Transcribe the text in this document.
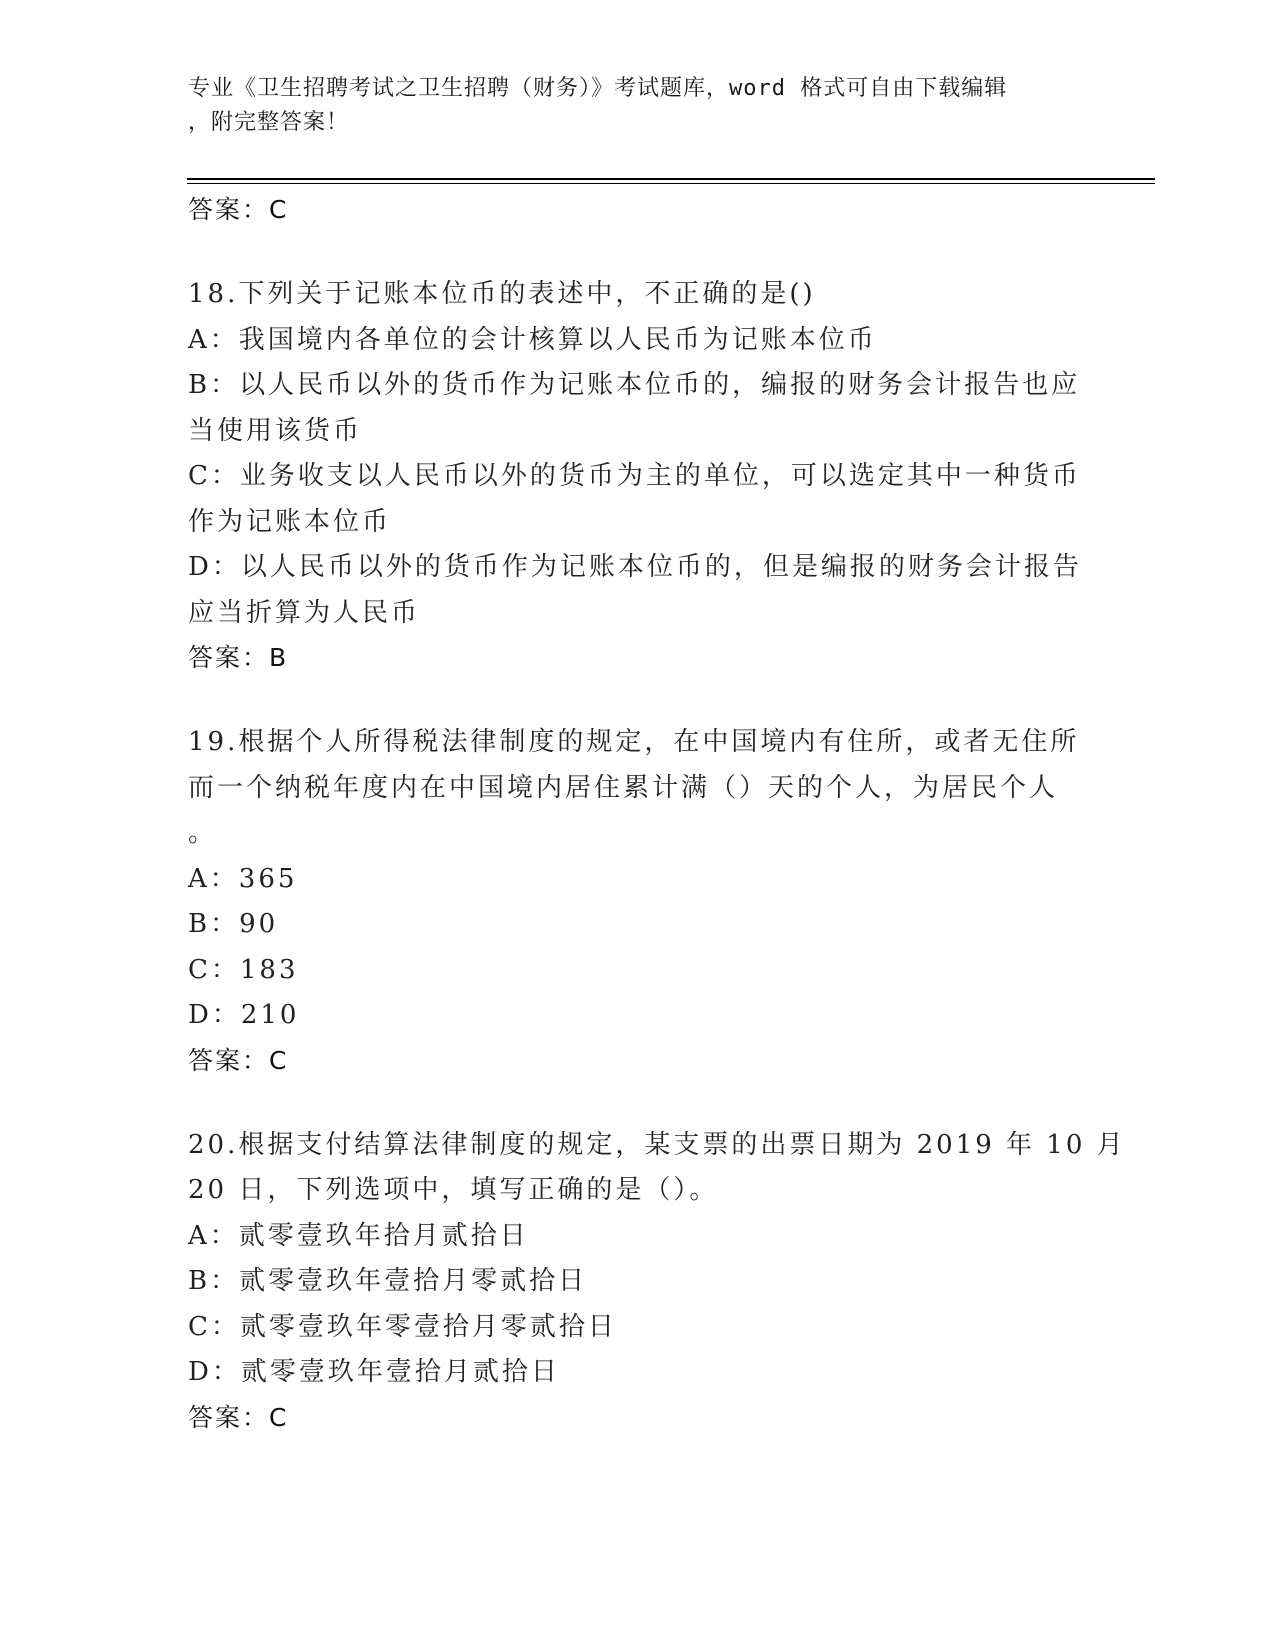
专业《卫生招聘考试之卫生招聘（财务）》考试题库，word 格式可自由下载编辑
，附完整答案！
答案：C
18.下列关于记账本位币的表述中，不正确的是()
A：我国境内各单位的会计核算以人民币为记账本位币
B：以人民币以外的货币作为记账本位币的，编报的财务会计报告也应
当使用该货币
C：业务收支以人民币以外的货币为主的单位，可以选定其中一种货币
作为记账本位币
D：以人民币以外的货币作为记账本位币的，但是编报的财务会计报告
应当折算为人民币
答案：B
19.根据个人所得税法律制度的规定，在中国境内有住所，或者无住所
而一个纳税年度内在中国境内居住累计满（）天的个人，为居民个人
。
A：365
B：90
C：183
D：210
答案：C
20.根据支付结算法律制度的规定，某支票的出票日期为 2019 年 10 月
20 日，下列选项中，填写正确的是（）。
A：贰零壹玖年拾月贰拾日
B：贰零壹玖年壹拾月零贰拾日
C：贰零壹玖年零壹拾月零贰拾日
D：贰零壹玖年壹拾月贰拾日
答案：C
